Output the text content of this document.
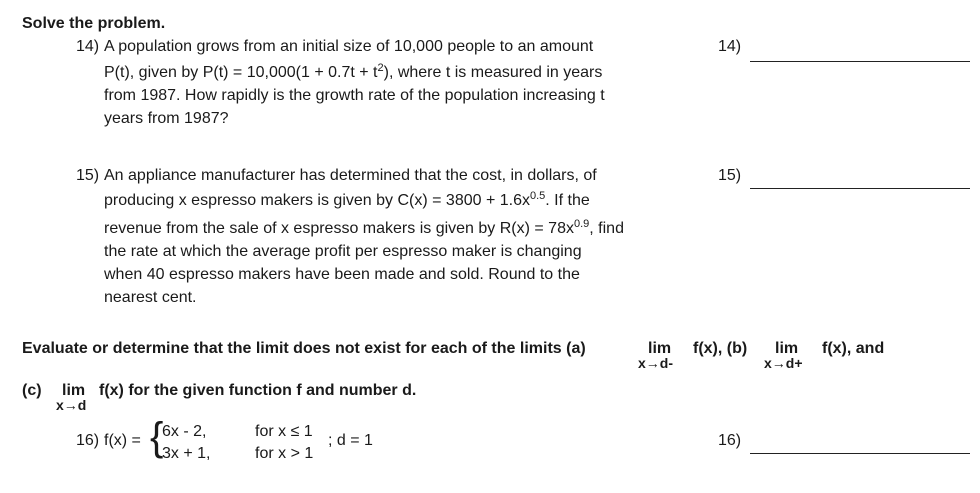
Solve the problem.
14) A population grows from an initial size of 10,000 people to an amount
P(t), given by $P(t) = 10,000(1 + 0.7t + t^2)$, where t is measured in years
from 1987. How rapidly is the growth rate of the population increasing t
years from 1987?
14)
15) An appliance manufacturer has determined that the cost, in dollars, of
producing x espresso makers is given by $C(x) = 3800 + 1.6x^{0.5}$. If the
revenue from the sale of x espresso makers is given by $R(x) = 78x^{0.9}$, find
the rate at which the average profit per espresso maker is changing
when 40 espresso makers have been made and sold. Round to the
nearest cent.
15)
Evaluate or determine that the limit does not exist for each of the limits (a)	lim
x→d-
f(x), (b) lim
x→d+
f(x), and
(c) lim
x→d
f(x) for the given function f and number d.
16) f(x) = {
6x - 2,	for x ≤ 1
3x + 1,	for x > 1
; d = 1	16)
